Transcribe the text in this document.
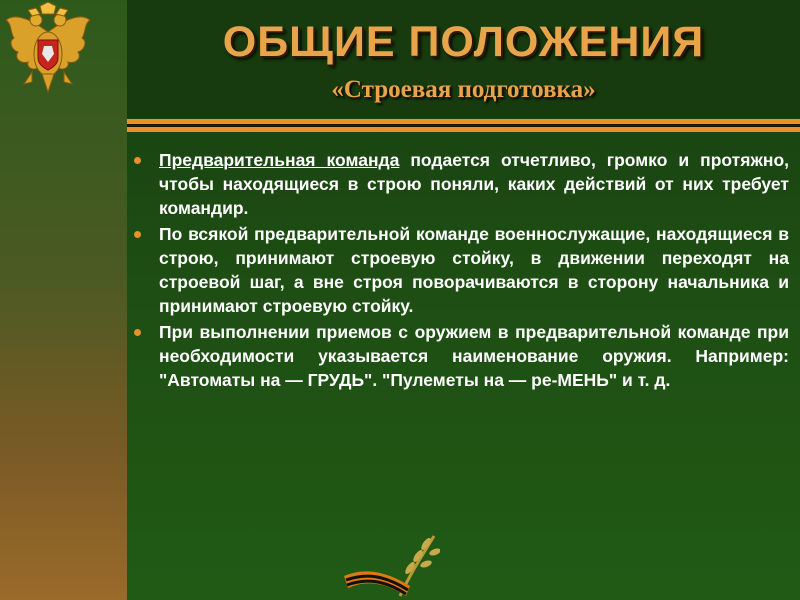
ОБЩИЕ ПОЛОЖЕНИЯ
«Строевая подготовка»
Предварительная команда подается отчетливо, громко и протяжно, чтобы находящиеся в строю поняли, каких действий от них требует командир.
По всякой предварительной команде военнослужащие, находящиеся в строю, принимают строевую стойку, в движении переходят на строевой шаг, а вне строя поворачиваются в сторону начальника и принимают строевую стойку.
При выполнении приемов с оружием в предварительной команде при необходимости указывается наименование оружия. Например: "Автоматы на — ГРУДЬ". "Пулеметы на — ре-МЕНЬ" и т. д.
